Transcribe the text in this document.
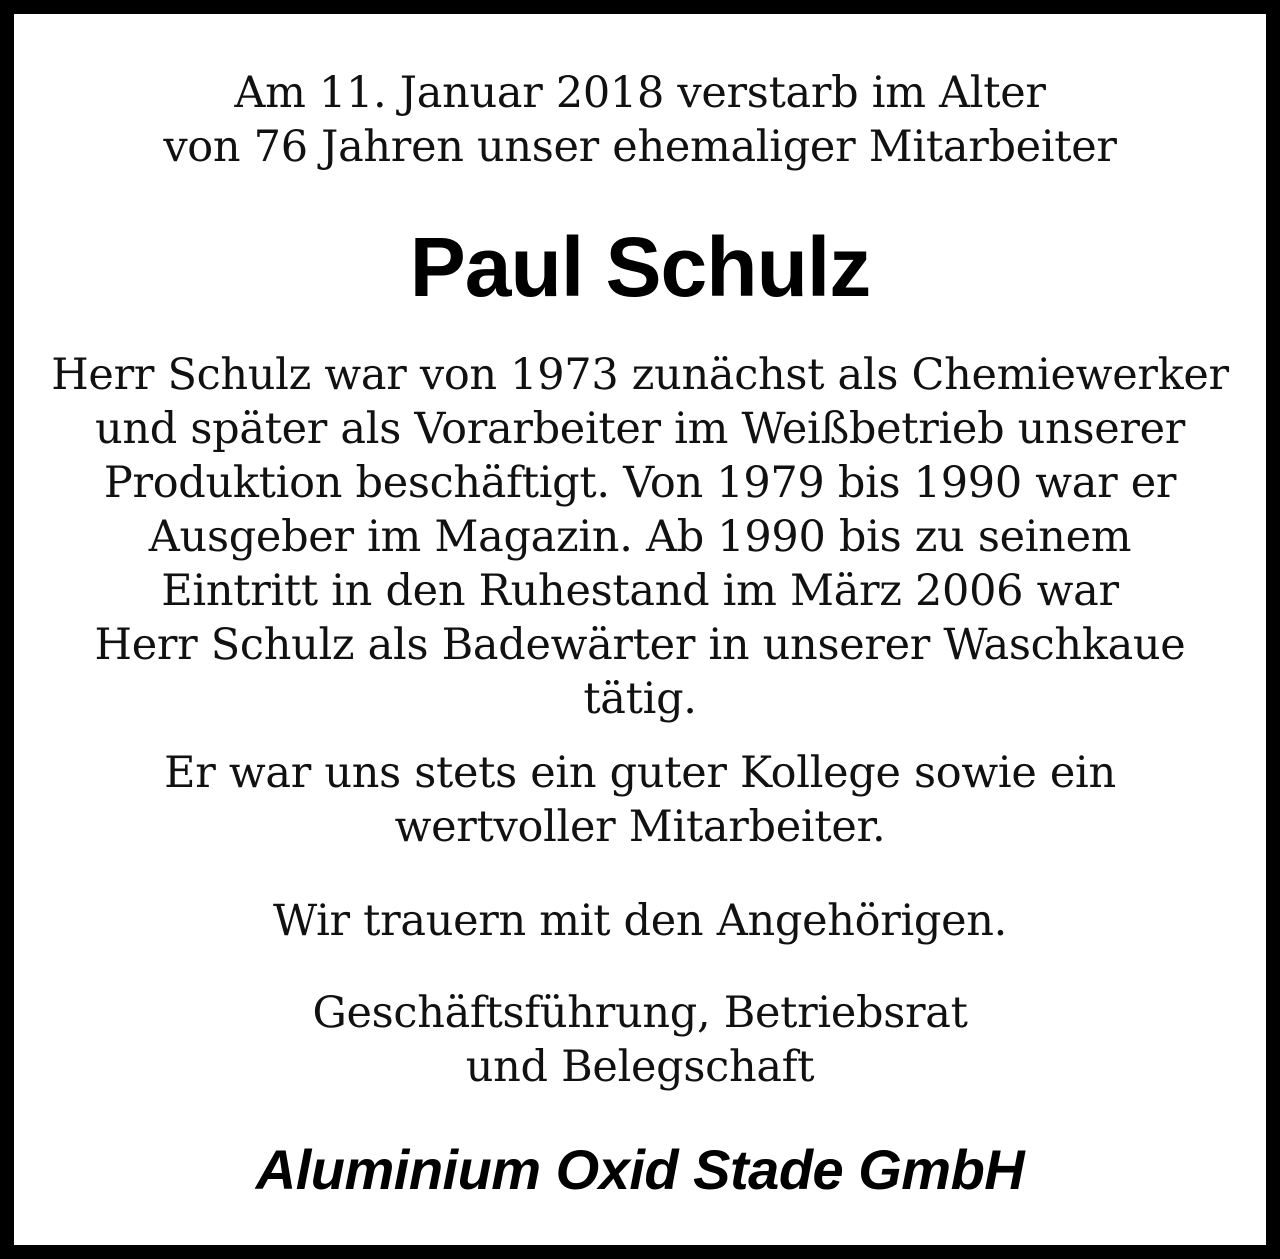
Am 11. Januar 2018 verstarb im Alter
von 76 Jahren unser ehemaliger Mitarbeiter
Paul Schulz
Herr Schulz war von 1973 zunächst als Chemiewerker
und später als Vorarbeiter im Weißbetrieb unserer
Produktion beschäftigt. Von 1979 bis 1990 war er
Ausgeber im Magazin. Ab 1990 bis zu seinem
Eintritt in den Ruhestand im März 2006 war
Herr Schulz als Badewärter in unserer Waschkaue
tätig.
Er war uns stets ein guter Kollege sowie ein
wertvoller Mitarbeiter.
Wir trauern mit den Angehörigen.
Geschäftsführung, Betriebsrat
und Belegschaft
Aluminium Oxid Stade GmbH
